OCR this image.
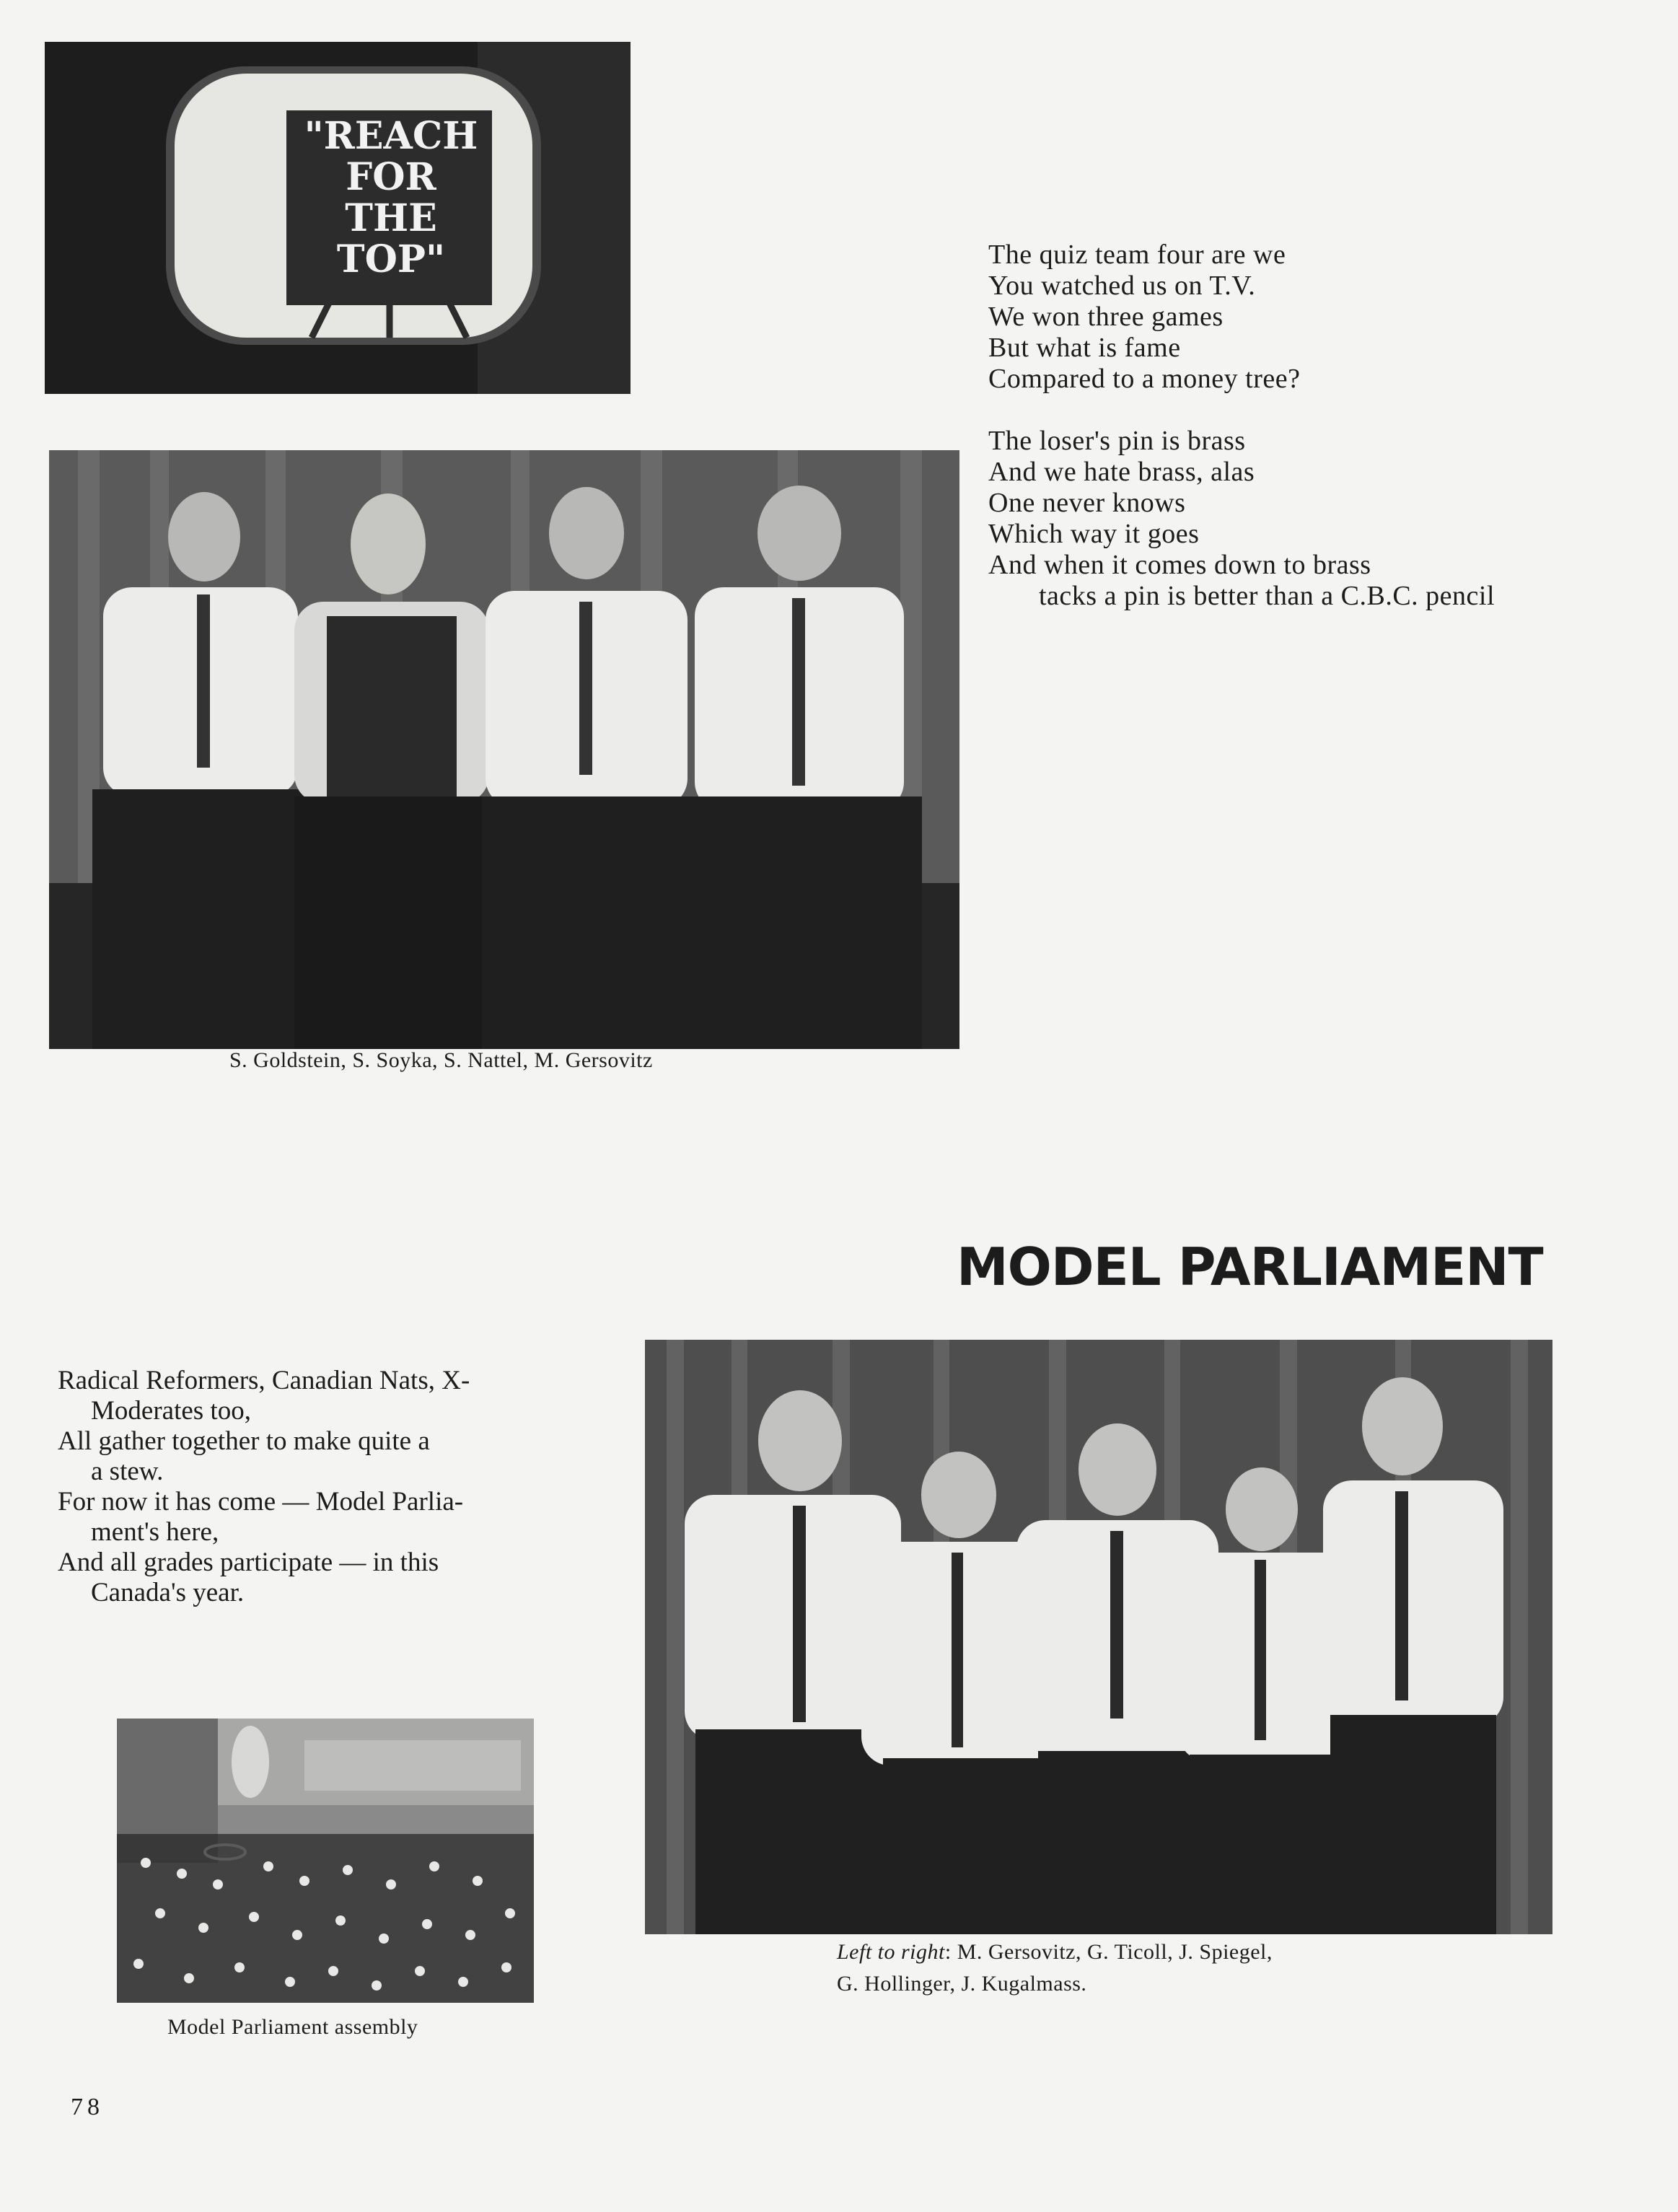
"REACH
FOR
THE
TOP"	The quiz team four are we
You watched us on T.V.
We won three games
But what is fame
Compared to a money tree?
The loser's pin is brass
And we hate brass, alas
One never knows
Which way it goes
And when it comes down to brass
tacks a pin is better than a C.B.C. pencil
S. Goldstein, S. Soyka, S. Nattel, M. Gersovitz
MODEL PARLIAMENT
Radical Reformers, Canadian Nats, X-
Moderates too,
All gather together to make quite a
a stew.
For now it has come — Model Parlia-
ment's here,
And all grades participate — in this
Canada's year.
Left to right: M. Gersovitz, G. Ticoll, J. Spiegel,
G. Hollinger, J. Kugalmass.
Model Parliament assembly
78
